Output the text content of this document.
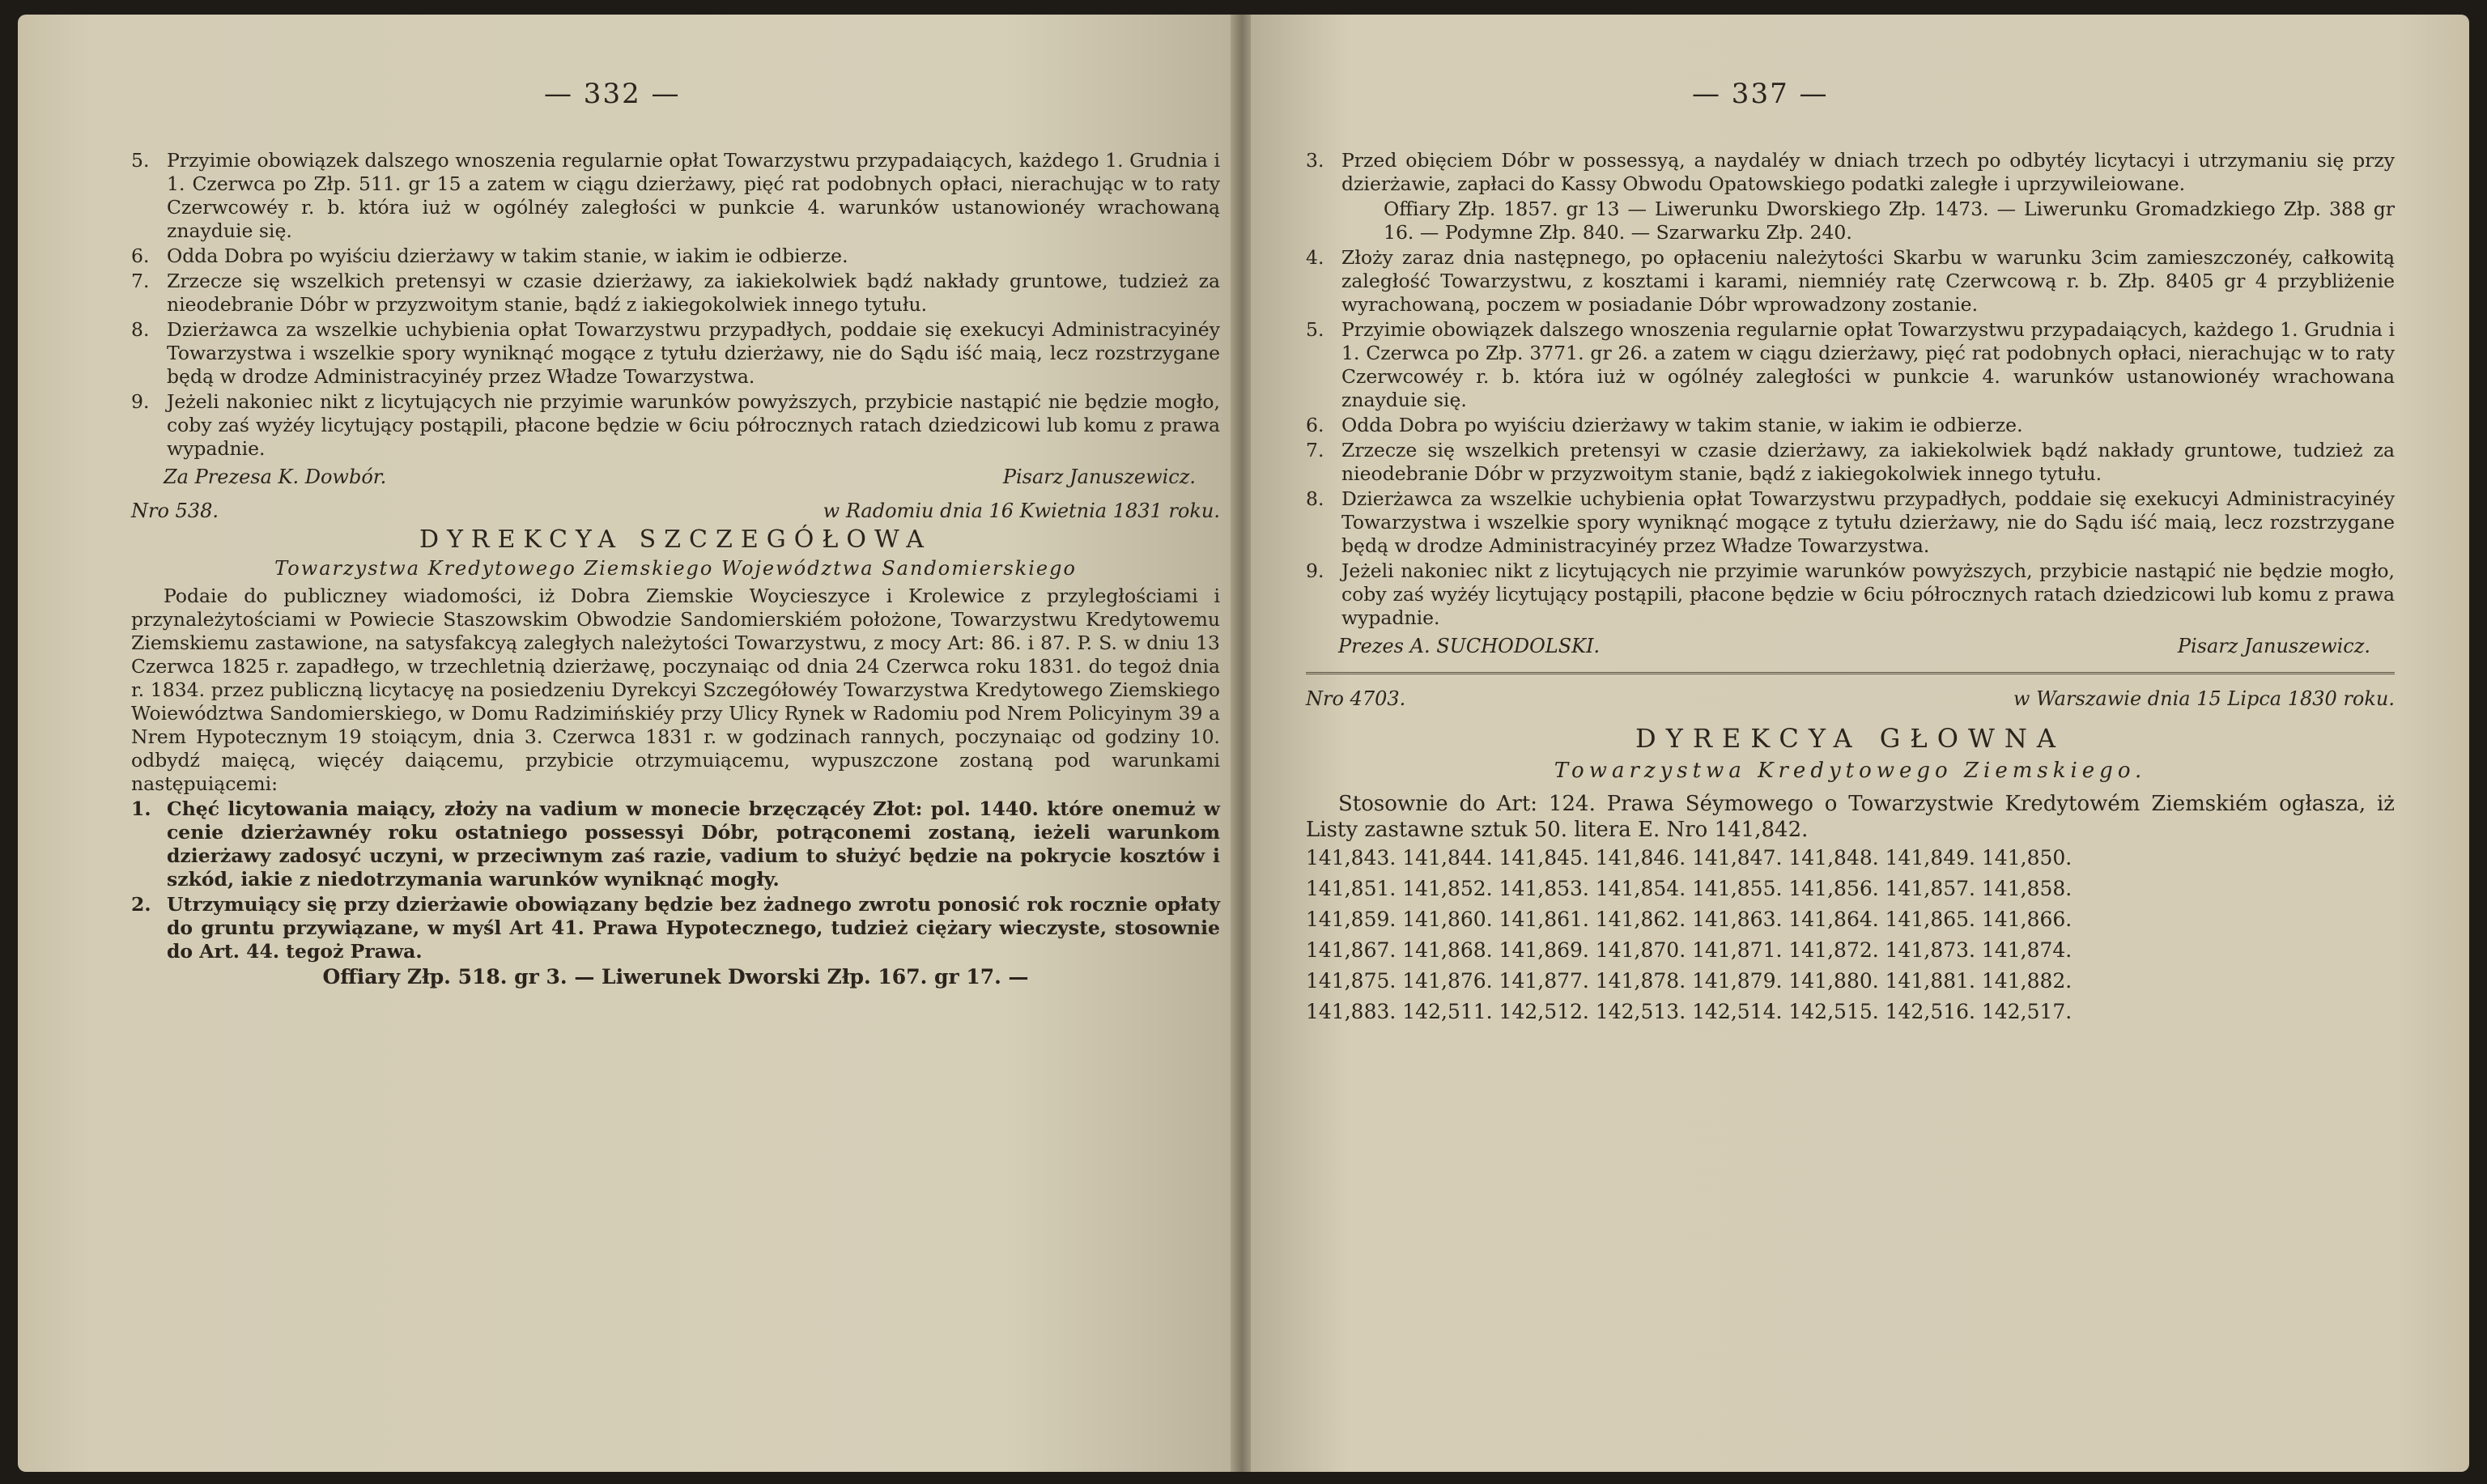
— 332 —
5. Przyimie obowiązek dalszego wnoszenia regularnie opłat Towarzystwu przypadaiących, każdego 1. Grudnia i 1. Czerwca po Złp. 511. gr 15 a zatem w ciągu dzierżawy, pięć rat podobnych opłaci, nierachując w to raty Czerwcowéy r. b. która iuż w ogólnéy zaległości w punkcie 4. warunków ustanowionéy wrachowaną znayduie się.
6. Odda Dobra po wyiściu dzierżawy w takim stanie, w iakim ie odbierze.
7. Zrzecze się wszelkich pretensyi w czasie dzierżawy, za iakiekolwiek bądź nakłady gruntowe, tudzież za nieodebranie Dóbr w przyzwoitym stanie, bądź z iakiegokolwiek innego tytułu.
8. Dzierżawca za wszelkie uchybienia opłat Towarzystwu przypadłych, poddaie się exekucyi Administracyinéy Towarzystwa i wszelkie spory wyniknąć mogące z tytułu dzierżawy, nie do Sądu iść maią, lecz rozstrzygane będą w drodze Administracyinéy przez Władze Towarzystwa.
9. Jeżeli nakoniec nikt z licytujących nie przyimie warunków powyższych, przybicie nastąpić nie będzie mogło, coby zaś wyżéy licytujący postąpili, płacone będzie w 6ciu półrocznych ratach dziedzicowi lub komu z prawa wypadnie.
Za Prezesa K. Dowbór.	Pisarz Januszewicz.
Nro 538.	w Radomiu dnia 16 Kwietnia 1831 roku.
DYREKCYA SZCZEGÓŁOWA
Towarzystwa Kredytowego Ziemskiego Województwa Sandomierskiego

Podaie do publiczney wiadomości, iż Dobra Ziemskie Woycieszyce i Krolewice z przyległościami i przynależytościami w Powiecie Staszowskim Obwodzie Sandomierskiém położone, Towarzystwu Kredytowemu Ziemskiemu zastawione, na satysfakcyą zaległych należytości Towarzystwu, z mocy Art: 86. i 87. P. S. w dniu 13 Czerwca 1825 r. zapadłego, w trzechletnią dzierżawę, poczynaiąc od dnia 24 Czerwca roku 1831. do tegoż dnia r. 1834. przez publiczną licytacyę na posiedzeniu Dyrekcyi Szczegółowéy Towarzystwa Kredytowego Ziemskiego Woiewództwa Sandomierskiego, w Domu Radzimińskiéy przy Ulicy Rynek w Radomiu pod Nrem Policyinym 39 a Nrem Hypotecznym 19 stoiącym, dnia 3. Czerwca 1831 r. w godzinach rannych, poczynaiąc od godziny 10. odbydź maięcą, więcéy daiącemu, przybicie otrzymuiącemu, wypuszczone zostaną pod warunkami następuiącemi:

1. Chęć licytowania maiący, złoży na vadium w monecie brzęczącéy Złot: pol. 1440. które onemuż w cenie dzierżawnéy roku ostatniego possessyi Dóbr, potrąconemi zostaną, ieżeli warunkom dzierżawy zadosyć uczyni, w przeciwnym zaś razie, vadium to służyć będzie na pokrycie kosztów i szkód, iakie z niedotrzymania warunków wyniknąć mogły.
2. Utrzymuiący się przy dzierżawie obowiązany będzie bez żadnego zwrotu ponosić rok rocznie opłaty do gruntu przywiązane, w myśl Art 41. Prawa Hypotecznego, tudzież ciężary wieczyste, stosownie do Art. 44. tegoż Prawa.
Offiary Złp. 518. gr 3. — Liwerunek Dworski Złp. 167. gr 17. —
— 337 —
3. Przed obięciem Dóbr w possessyą, a naydaléy w dniach trzech po odbytéy licytacyi i utrzymaniu się przy dzierżawie, zapłaci do Kassy Obwodu Opatowskiego podatki zaległe i uprzywileiowane.
Offiary Złp. 1857. gr 13 — Liwerunku Dworskiego Złp. 1473. — Liwerunku Gromadzkiego Złp. 388 gr 16. — Podymne Złp. 840. — Szarwarku Złp. 240.
4. Złoży zaraz dnia następnego, po opłaceniu należytości Skarbu w warunku 3cim zamieszczonéy, całkowitą zaległość Towarzystwu, z kosztami i karami, niemniéy ratę Czerwcową r. b. Złp. 8405 gr 4 przybliżenie wyrachowaną, poczem w posiadanie Dóbr wprowadzony zostanie.
5. Przyimie obowiązek dalszego wnoszenia regularnie opłat Towarzystwu przypadaiących, każdego 1. Grudnia i 1. Czerwca po Złp. 3771. gr 26. a zatem w ciągu dzierżawy, pięć rat podobnych opłaci, nierachując w to raty Czerwcowéy r. b. która iuż w ogólnéy zaległości w punkcie 4. warunków ustanowionéy wrachowana znayduie się.
6. Odda Dobra po wyiściu dzierżawy w takim stanie, w iakim ie odbierze.
7. Zrzecze się wszelkich pretensyi w czasie dzierżawy, za iakiekolwiek bądź nakłady gruntowe, tudzież za nieodebranie Dóbr w przyzwoitym stanie, bądź z iakiegokolwiek innego tytułu.
8. Dzierżawca za wszelkie uchybienia opłat Towarzystwu przypadłych, poddaie się exekucyi Administracyinéy Towarzystwa i wszelkie spory wyniknąć mogące z tytułu dzierżawy, nie do Sądu iść maią, lecz rozstrzygane będą w drodze Administracyinéy przez Władze Towarzystwa.
9. Jeżeli nakoniec nikt z licytujących nie przyimie warunków powyższych, przybicie nastąpić nie będzie mogło, coby zaś wyżéy licytujący postąpili, płacone będzie w 6ciu półrocznych ratach dziedzicowi lub komu z prawa wypadnie.
Prezes A. SUCHODOLSKI.	Pisarz Januszewicz.
Nro 4703.	w Warszawie dnia 15 Lipca 1830 roku.
DYREKCYA GŁOWNA
Towarzystwa Kredytowego Ziemskiego.

Stosownie do Art: 124. Prawa Séymowego o Towarzystwie Kredytowém Ziemskiém ogłasza, iż Listy zastawne sztuk 50. litera E. Nro 141,842.

141,843. 141,844. 141,845. 141,846. 141,847. 141,848. 141,849. 141,850.
141,851. 141,852. 141,853. 141,854. 141,855. 141,856. 141,857. 141,858.
141,859. 141,860. 141,861. 141,862. 141,863. 141,864. 141,865. 141,866.
141,867. 141,868. 141,869. 141,870. 141,871. 141,872. 141,873. 141,874.
141,875. 141,876. 141,877. 141,878. 141,879. 141,880. 141,881. 141,882.
141,883. 142,511. 142,512. 142,513. 142,514. 142,515. 142,516. 142,517.
